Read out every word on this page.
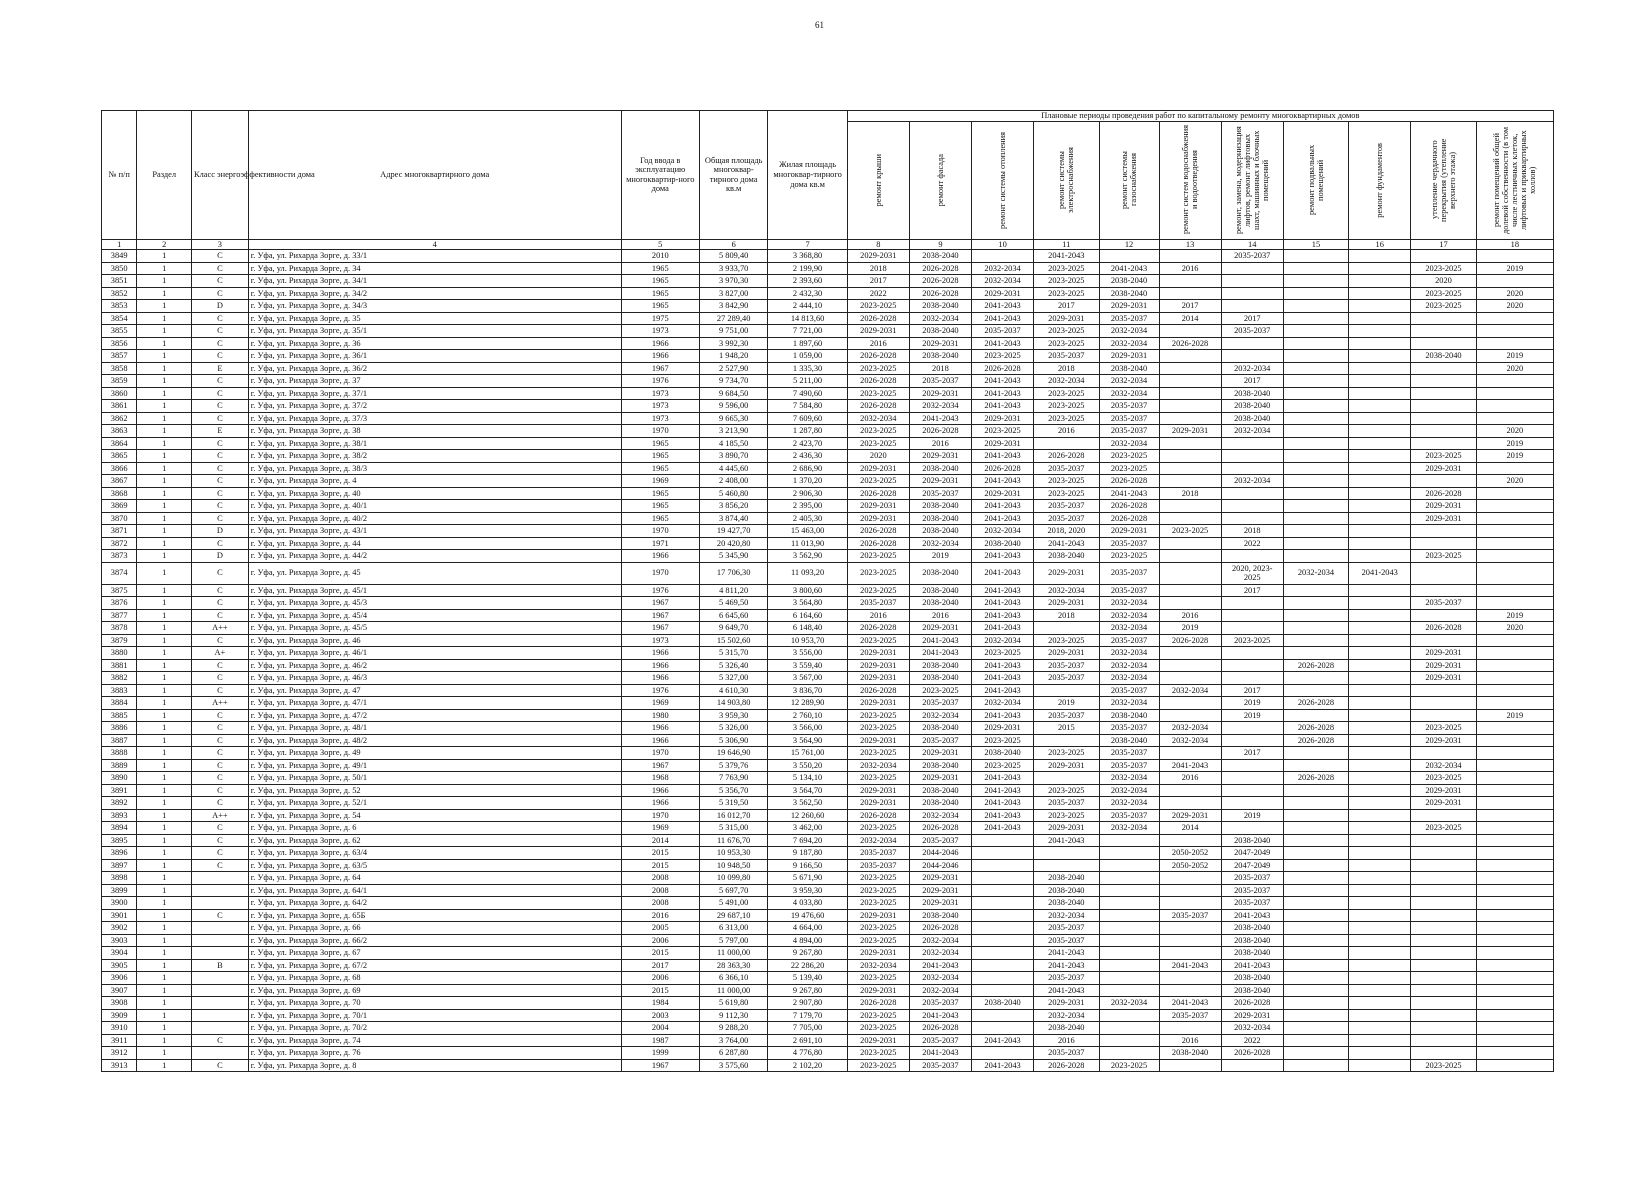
61
№ п/п	Раздел	Класс энергоэффективности дома	Адрес многоквартирного дома	Год ввода в эксплуатацию многоквартир-ного дома	Общая площадь многоквар-тирного дома кв.м	Жилая площадь многоквар-тирного дома кв.м	Плановые периоды проведения работ по капитальному ремонту многоквартирных домов										

							ремонт крыши	ремонт фасада	ремонт системы отопления	ремонт системы электроснабжения	ремонт системы газоснабжения	ремонт систем водоснабжения и водоотведения	ремонт, замена, модернизация лифтов, ремонт лифтовых шахт, машинных и блочных помещений	ремонт подвальных помещений	ремонт фундаментов	утепление чердачного перекрытия (утепление верхнего этажа)	ремонт помещений общей долевой собственности (в том числе лестничных клеток, лифтовых и приквартирных холлов)

1	2	3	4	5	6	7	8	9	10	11	12	13	14	15	16	17	18
3849	1	C	г. Уфа, ул. Рихарда Зорге, д. 33/1	2010	5 809,40	3 368,80	2029-2031	2038-2040		2041-2043			2035-2037				
3850	1	C	г. Уфа, ул. Рихарда Зорге, д. 34	1965	3 933,70	2 199,90	2018	2026-2028	2032-2034	2023-2025	2041-2043	2016				2023-2025	2019
3851	1	C	г. Уфа, ул. Рихарда Зорге, д. 34/1	1965	3 970,30	2 393,60	2017	2026-2028	2032-2034	2023-2025	2038-2040					2020	
3852	1	C	г. Уфа, ул. Рихарда Зорге, д. 34/2	1965	3 827,00	2 432,30	2022	2026-2028	2029-2031	2023-2025	2038-2040					2023-2025	2020
3853	1	D	г. Уфа, ул. Рихарда Зорге, д. 34/3	1965	3 842,90	2 444,10	2023-2025	2038-2040	2041-2043	2017	2029-2031	2017				2023-2025	2020
3854	1	C	г. Уфа, ул. Рихарда Зорге, д. 35	1975	27 289,40	14 813,60	2026-2028	2032-2034	2041-2043	2029-2031	2035-2037	2014	2017				
3855	1	C	г. Уфа, ул. Рихарда Зорге, д. 35/1	1973	9 751,00	7 721,00	2029-2031	2038-2040	2035-2037	2023-2025	2032-2034		2035-2037				
3856	1	C	г. Уфа, ул. Рихарда Зорге, д. 36	1966	3 992,30	1 897,60	2016	2029-2031	2041-2043	2023-2025	2032-2034	2026-2028					
3857	1	C	г. Уфа, ул. Рихарда Зорге, д. 36/1	1966	1 948,20	1 059,00	2026-2028	2038-2040	2023-2025	2035-2037	2029-2031					2038-2040	2019
3858	1	E	г. Уфа, ул. Рихарда Зорге, д. 36/2	1967	2 527,90	1 335,30	2023-2025	2018	2026-2028	2018	2038-2040		2032-2034				2020
3859	1	C	г. Уфа, ул. Рихарда Зорге, д. 37	1976	9 734,70	5 211,00	2026-2028	2035-2037	2041-2043	2032-2034	2032-2034		2017				
3860	1	C	г. Уфа, ул. Рихарда Зорге, д. 37/1	1973	9 684,50	7 490,60	2023-2025	2029-2031	2041-2043	2023-2025	2032-2034		2038-2040				
3861	1	C	г. Уфа, ул. Рихарда Зорге, д. 37/2	1973	9 596,00	7 584,80	2026-2028	2032-2034	2041-2043	2023-2025	2035-2037		2038-2040				
3862	1	C	г. Уфа, ул. Рихарда Зорге, д. 37/3	1973	9 665,30	7 609,60	2032-2034	2041-2043	2029-2031	2023-2025	2035-2037		2038-2040				
3863	1	E	г. Уфа, ул. Рихарда Зорге, д. 38	1970	3 213,90	1 287,80	2023-2025	2026-2028	2023-2025	2016	2035-2037	2029-2031	2032-2034				2020
3864	1	C	г. Уфа, ул. Рихарда Зорге, д. 38/1	1965	4 185,50	2 423,70	2023-2025	2016	2029-2031		2032-2034						2019
3865	1	C	г. Уфа, ул. Рихарда Зорге, д. 38/2	1965	3 890,70	2 436,30	2020	2029-2031	2041-2043	2026-2028	2023-2025					2023-2025	2019
3866	1	C	г. Уфа, ул. Рихарда Зорге, д. 38/3	1965	4 445,60	2 686,90	2029-2031	2038-2040	2026-2028	2035-2037	2023-2025					2029-2031	
3867	1	C	г. Уфа, ул. Рихарда Зорге, д. 4	1969	2 408,00	1 370,20	2023-2025	2029-2031	2041-2043	2023-2025	2026-2028		2032-2034				2020
3868	1	C	г. Уфа, ул. Рихарда Зорге, д. 40	1965	5 460,80	2 906,30	2026-2028	2035-2037	2029-2031	2023-2025	2041-2043	2018				2026-2028	
3869	1	C	г. Уфа, ул. Рихарда Зорге, д. 40/1	1965	3 856,20	2 395,00	2029-2031	2038-2040	2041-2043	2035-2037	2026-2028					2029-2031	
3870	1	C	г. Уфа, ул. Рихарда Зорге, д. 40/2	1965	3 874,40	2 405,30	2029-2031	2038-2040	2041-2043	2035-2037	2026-2028					2029-2031	
3871	1	D	г. Уфа, ул. Рихарда Зорге, д. 43/1	1970	19 427,70	15 463,00	2026-2028	2038-2040	2032-2034	2018, 2020	2029-2031	2023-2025	2018				
3872	1	C	г. Уфа, ул. Рихарда Зорге, д. 44	1971	20 420,80	11 013,90	2026-2028	2032-2034	2038-2040	2041-2043	2035-2037		2022				
3873	1	D	г. Уфа, ул. Рихарда Зорге, д. 44/2	1966	5 345,90	3 562,90	2023-2025	2019	2041-2043	2038-2040	2023-2025					2023-2025	
3874	1	C	г. Уфа, ул. Рихарда Зорге, д. 45	1970	17 706,30	11 093,20	2023-2025	2038-2040	2041-2043	2029-2031	2035-2037		2020, 2023-2025	2032-2034	2041-2043		
3875	1	C	г. Уфа, ул. Рихарда Зорге, д. 45/1	1976	4 811,20	3 800,60	2023-2025	2038-2040	2041-2043	2032-2034	2035-2037		2017				
3876	1	C	г. Уфа, ул. Рихарда Зорге, д. 45/3	1967	5 469,50	3 564,80	2035-2037	2038-2040	2041-2043	2029-2031	2032-2034					2035-2037	
3877	1	C	г. Уфа, ул. Рихарда Зорге, д. 45/4	1967	6 645,60	6 164,60	2016	2016	2041-2043	2018	2032-2034	2016					2019
3878	1	A++	г. Уфа, ул. Рихарда Зорге, д. 45/5	1967	9 649,70	6 148,40	2026-2028	2029-2031	2041-2043		2032-2034	2019				2026-2028	2020
3879	1	C	г. Уфа, ул. Рихарда Зорге, д. 46	1973	15 502,60	10 953,70	2023-2025	2041-2043	2032-2034	2023-2025	2035-2037	2026-2028	2023-2025				
3880	1	A+	г. Уфа, ул. Рихарда Зорге, д. 46/1	1966	5 315,70	3 556,00	2029-2031	2041-2043	2023-2025	2029-2031	2032-2034					2029-2031	
3881	1	C	г. Уфа, ул. Рихарда Зорге, д. 46/2	1966	5 326,40	3 559,40	2029-2031	2038-2040	2041-2043	2035-2037	2032-2034			2026-2028		2029-2031	
3882	1	C	г. Уфа, ул. Рихарда Зорге, д. 46/3	1966	5 327,00	3 567,00	2029-2031	2038-2040	2041-2043	2035-2037	2032-2034					2029-2031	
3883	1	C	г. Уфа, ул. Рихарда Зорге, д. 47	1976	4 610,30	3 836,70	2026-2028	2023-2025	2041-2043		2035-2037	2032-2034	2017				
3884	1	A++	г. Уфа, ул. Рихарда Зорге, д. 47/1	1969	14 903,80	12 289,90	2029-2031	2035-2037	2032-2034	2019	2032-2034		2019	2026-2028			
3885	1	C	г. Уфа, ул. Рихарда Зорге, д. 47/2	1980	3 959,30	2 760,10	2023-2025	2032-2034	2041-2043	2035-2037	2038-2040		2019				2019
3886	1	C	г. Уфа, ул. Рихарда Зорге, д. 48/1	1966	5 326,00	3 566,00	2023-2025	2038-2040	2029-2031	2015	2035-2037	2032-2034		2026-2028		2023-2025	
3887	1	C	г. Уфа, ул. Рихарда Зорге, д. 48/2	1966	5 306,90	3 564,90	2029-2031	2035-2037	2023-2025		2038-2040	2032-2034		2026-2028		2029-2031	
3888	1	C	г. Уфа, ул. Рихарда Зорге, д. 49	1970	19 646,90	15 761,00	2023-2025	2029-2031	2038-2040	2023-2025	2035-2037		2017				
3889	1	C	г. Уфа, ул. Рихарда Зорге, д. 49/1	1967	5 379,76	3 550,20	2032-2034	2038-2040	2023-2025	2029-2031	2035-2037	2041-2043				2032-2034	
3890	1	C	г. Уфа, ул. Рихарда Зорге, д. 50/1	1968	7 763,90	5 134,10	2023-2025	2029-2031	2041-2043		2032-2034	2016		2026-2028		2023-2025	
3891	1	C	г. Уфа, ул. Рихарда Зорге, д. 52	1966	5 356,70	3 564,70	2029-2031	2038-2040	2041-2043	2023-2025	2032-2034					2029-2031	
3892	1	C	г. Уфа, ул. Рихарда Зорге, д. 52/1	1966	5 319,50	3 562,50	2029-2031	2038-2040	2041-2043	2035-2037	2032-2034					2029-2031	
3893	1	A++	г. Уфа, ул. Рихарда Зорге, д. 54	1970	16 012,70	12 260,60	2026-2028	2032-2034	2041-2043	2023-2025	2035-2037	2029-2031	2019				
3894	1	C	г. Уфа, ул. Рихарда Зорге, д. 6	1969	5 315,00	3 462,00	2023-2025	2026-2028	2041-2043	2029-2031	2032-2034	2014				2023-2025	
3895	1	C	г. Уфа, ул. Рихарда Зорге, д. 62	2014	11 676,70	7 694,20	2032-2034	2035-2037		2041-2043			2038-2040				
3896	1	C	г. Уфа, ул. Рихарда Зорге, д. 63/4	2015	10 953,30	9 187,80	2035-2037	2044-2046				2050-2052	2047-2049				
3897	1	C	г. Уфа, ул. Рихарда Зорге, д. 63/5	2015	10 948,50	9 166,50	2035-2037	2044-2046				2050-2052	2047-2049				
3898	1		г. Уфа, ул. Рихарда Зорге, д. 64	2008	10 099,80	5 671,90	2023-2025	2029-2031		2038-2040			2035-2037				
3899	1		г. Уфа, ул. Рихарда Зорге, д. 64/1	2008	5 697,70	3 959,30	2023-2025	2029-2031		2038-2040			2035-2037				
3900	1		г. Уфа, ул. Рихарда Зорге, д. 64/2	2008	5 491,00	4 033,80	2023-2025	2029-2031		2038-2040			2035-2037				
3901	1	C	г. Уфа, ул. Рихарда Зорге, д. 65Б	2016	29 687,10	19 476,60	2029-2031	2038-2040		2032-2034		2035-2037	2041-2043				
3902	1		г. Уфа, ул. Рихарда Зорге, д. 66	2005	6 313,00	4 664,00	2023-2025	2026-2028		2035-2037			2038-2040				
3903	1		г. Уфа, ул. Рихарда Зорге, д. 66/2	2006	5 797,00	4 894,00	2023-2025	2032-2034		2035-2037			2038-2040				
3904	1		г. Уфа, ул. Рихарда Зорге, д. 67	2015	11 000,00	9 267,80	2029-2031	2032-2034		2041-2043			2038-2040				
3905	1	B	г. Уфа, ул. Рихарда Зорге, д. 67/2	2017	28 363,30	22 286,20	2032-2034	2041-2043		2041-2043		2041-2043	2041-2043				
3906	1		г. Уфа, ул. Рихарда Зорге, д. 68	2006	6 366,10	5 139,40	2023-2025	2032-2034		2035-2037			2038-2040				
3907	1		г. Уфа, ул. Рихарда Зорге, д. 69	2015	11 000,00	9 267,80	2029-2031	2032-2034		2041-2043			2038-2040				
3908	1		г. Уфа, ул. Рихарда Зорге, д. 70	1984	5 619,80	2 907,80	2026-2028	2035-2037	2038-2040	2029-2031	2032-2034	2041-2043	2026-2028				
3909	1		г. Уфа, ул. Рихарда Зорге, д. 70/1	2003	9 112,30	7 179,70	2023-2025	2041-2043		2032-2034		2035-2037	2029-2031				
3910	1		г. Уфа, ул. Рихарда Зорге, д. 70/2	2004	9 288,20	7 705,00	2023-2025	2026-2028		2038-2040			2032-2034				
3911	1	C	г. Уфа, ул. Рихарда Зорге, д. 74	1987	3 764,00	2 691,10	2029-2031	2035-2037	2041-2043	2016		2016	2022				
3912	1		г. Уфа, ул. Рихарда Зорге, д. 76	1999	6 287,80	4 776,80	2023-2025	2041-2043		2035-2037		2038-2040	2026-2028				
3913	1	C	г. Уфа, ул. Рихарда Зорге, д. 8	1967	3 575,60	2 102,20	2023-2025	2035-2037	2041-2043	2026-2028	2023-2025					2023-2025	
